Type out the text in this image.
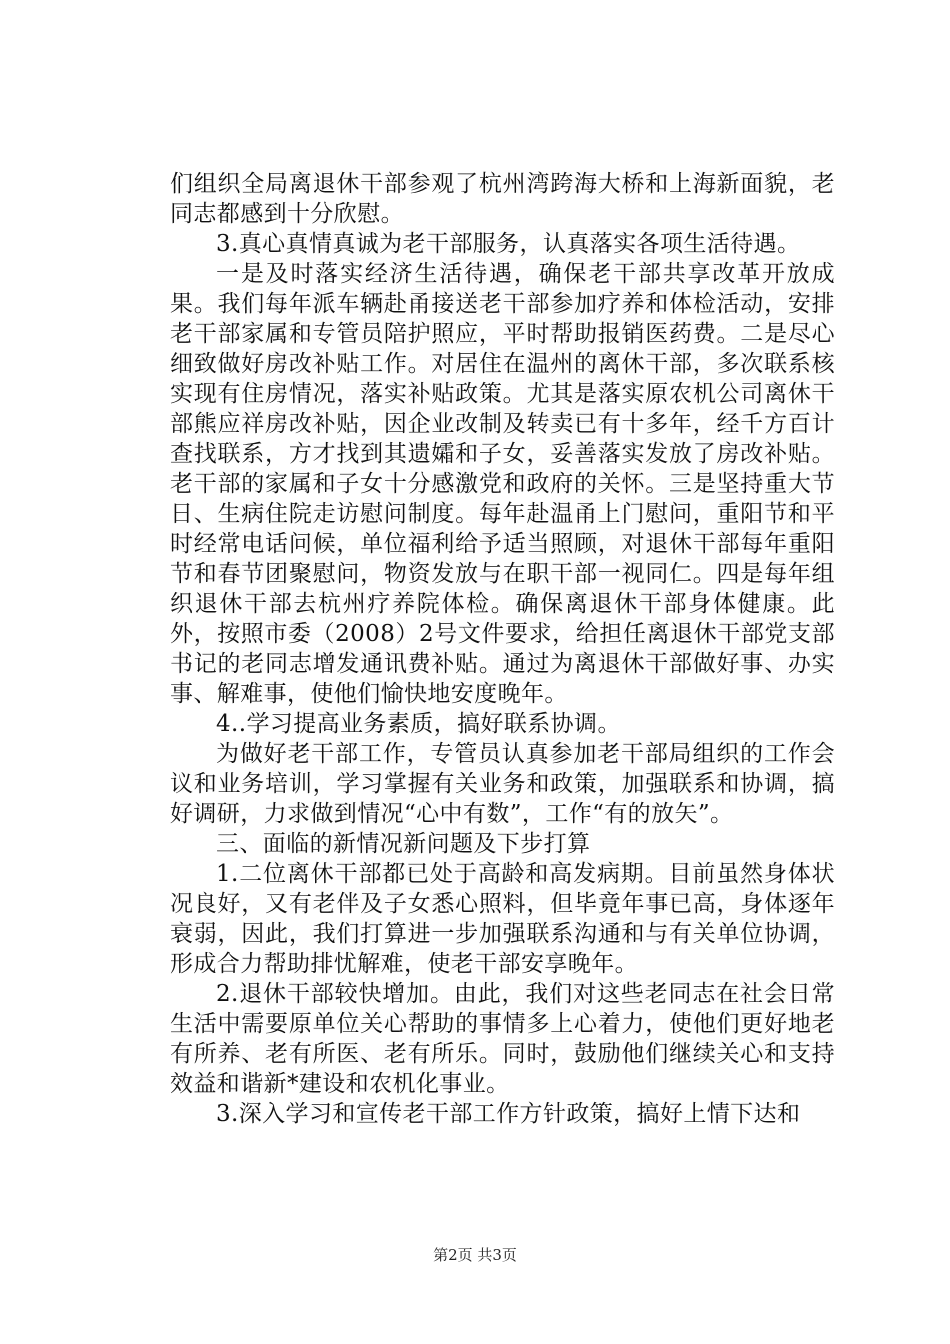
们组织全局离退休干部参观了杭州湾跨海大桥和上海新面貌，老同志都感到十分欣慰。

3.真心真情真诚为老干部服务，认真落实各项生活待遇。

一是及时落实经济生活待遇，确保老干部共享改革开放成果。我们每年派车辆赴甬接送老干部参加疗养和体检活动，安排老干部家属和专管员陪护照应，平时帮助报销医药费。二是尽心细致做好房改补贴工作。对居住在温州的离休干部，多次联系核实现有住房情况，落实补贴政策。尤其是落实原农机公司离休干部熊应祥房改补贴，因企业改制及转卖已有十多年，经千方百计查找联系，方才找到其遗孀和子女，妥善落实发放了房改补贴。老干部的家属和子女十分感激党和政府的关怀。三是坚持重大节日、生病住院走访慰问制度。每年赴温甬上门慰问，重阳节和平时经常电话问候，单位福利给予适当照顾，对退休干部每年重阳节和春节团聚慰问，物资发放与在职干部一视同仁。四是每年组织退休干部去杭州疗养院体检。确保离退休干部身体健康。此外，按照市委（2008）2号文件要求，给担任离退休干部党支部书记的老同志增发通讯费补贴。通过为离退休干部做好事、办实事、解难事，使他们愉快地安度晚年。

4..学习提高业务素质，搞好联系协调。

为做好老干部工作，专管员认真参加老干部局组织的工作会议和业务培训，学习掌握有关业务和政策，加强联系和协调，搞好调研，力求做到情况“心中有数”，工作“有的放矢”。

三、面临的新情况新问题及下步打算

1.二位离休干部都已处于高龄和高发病期。目前虽然身体状况良好，又有老伴及子女悉心照料，但毕竟年事已高，身体逐年衰弱，因此，我们打算进一步加强联系沟通和与有关单位协调，形成合力帮助排忧解难，使老干部安享晚年。

2.退休干部较快增加。由此，我们对这些老同志在社会日常生活中需要原单位关心帮助的事情多上心着力，使他们更好地老有所养、老有所医、老有所乐。同时，鼓励他们继续关心和支持效益和谐新*建设和农机化事业。

3.深入学习和宣传老干部工作方针政策，搞好上情下达和

第2页 共3页
